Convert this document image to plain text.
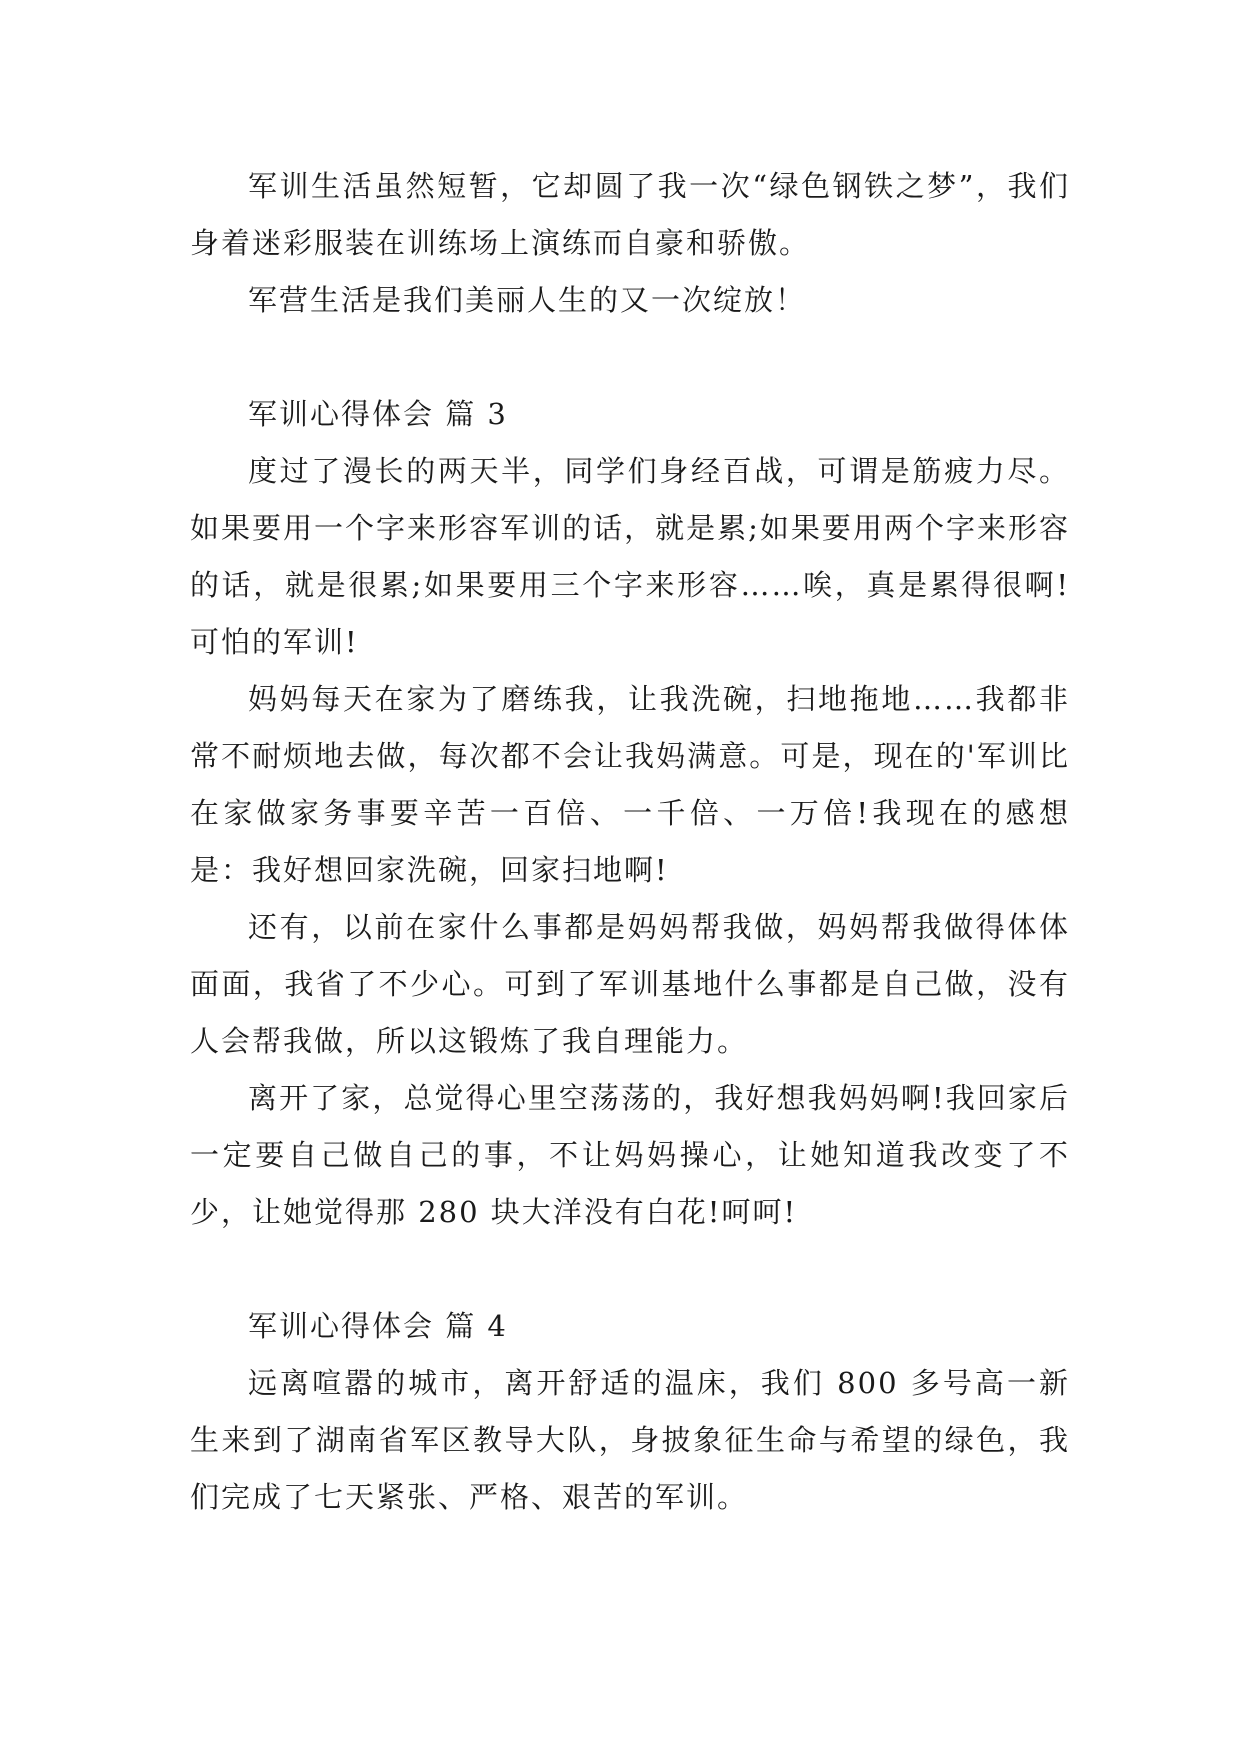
军训生活虽然短暂，它却圆了我一次“绿色钢铁之梦”，我们身着迷彩服装在训练场上演练而自豪和骄傲。

军营生活是我们美丽人生的又一次绽放！

军训心得体会 篇 3

度过了漫长的两天半，同学们身经百战，可谓是筋疲力尽。如果要用一个字来形容军训的话，就是累;如果要用两个字来形容的话，就是很累;如果要用三个字来形容……唉，真是累得很啊!可怕的军训!

妈妈每天在家为了磨练我，让我洗碗，扫地拖地……我都非常不耐烦地去做，每次都不会让我妈满意。可是，现在的'军训比在家做家务事要辛苦一百倍、一千倍、一万倍!我现在的感想是：我好想回家洗碗，回家扫地啊!

还有，以前在家什么事都是妈妈帮我做，妈妈帮我做得体体面面，我省了不少心。可到了军训基地什么事都是自己做，没有人会帮我做，所以这锻炼了我自理能力。

离开了家，总觉得心里空荡荡的，我好想我妈妈啊!我回家后一定要自己做自己的事，不让妈妈操心，让她知道我改变了不少，让她觉得那 280 块大洋没有白花!呵呵!

军训心得体会 篇 4

远离喧嚣的城市，离开舒适的温床，我们 800 多号高一新生来到了湖南省军区教导大队，身披象征生命与希望的绿色，我们完成了七天紧张、严格、艰苦的军训。
